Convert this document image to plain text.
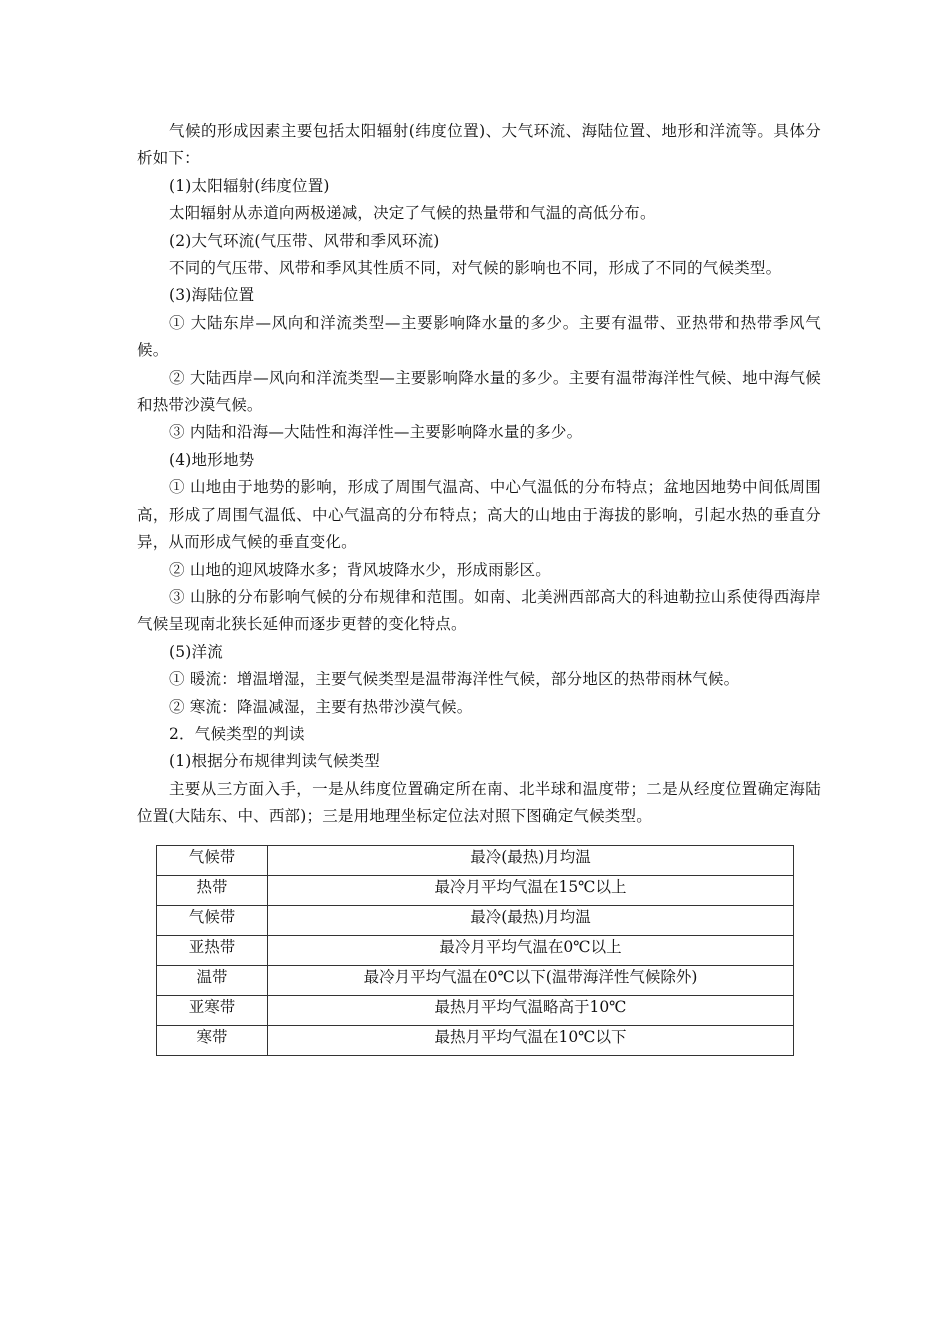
气候的形成因素主要包括太阳辐射(纬度位置)、大气环流、海陆位置、地形和洋流等。具体分析如下：

(1)太阳辐射(纬度位置)

太阳辐射从赤道向两极递减，决定了气候的热量带和气温的高低分布。

(2)大气环流(气压带、风带和季风环流)

不同的气压带、风带和季风其性质不同，对气候的影响也不同，形成了不同的气候类型。

(3)海陆位置

① 大陆东岸—风向和洋流类型—主要影响降水量的多少。主要有温带、亚热带和热带季风气候。

② 大陆西岸—风向和洋流类型—主要影响降水量的多少。主要有温带海洋性气候、地中海气候和热带沙漠气候。

③ 内陆和沿海—大陆性和海洋性—主要影响降水量的多少。

(4)地形地势

① 山地由于地势的影响，形成了周围气温高、中心气温低的分布特点；盆地因地势中间低周围高，形成了周围气温低、中心气温高的分布特点；高大的山地由于海拔的影响，引起水热的垂直分异，从而形成气候的垂直变化。

② 山地的迎风坡降水多；背风坡降水少，形成雨影区。

③ 山脉的分布影响气候的分布规律和范围。如南、北美洲西部高大的科迪勒拉山系使得西海岸气候呈现南北狭长延伸而逐步更替的变化特点。

(5)洋流

① 暖流：增温增湿，主要气候类型是温带海洋性气候，部分地区的热带雨林气候。

② 寒流：降温减湿，主要有热带沙漠气候。

2．气候类型的判读

(1)根据分布规律判读气候类型

主要从三方面入手，一是从纬度位置确定所在南、北半球和温度带；二是从经度位置确定海陆位置(大陆东、中、西部)；三是用地理坐标定位法对照下图确定气候类型。

气候带	最冷(最热)月均温
热带	最冷月平均气温在15℃以上
气候带	最冷(最热)月均温
亚热带	最冷月平均气温在0℃以上
温带	最冷月平均气温在0℃以下(温带海洋性气候除外)
亚寒带	最热月平均气温略高于10℃
寒带	最热月平均气温在10℃以下
